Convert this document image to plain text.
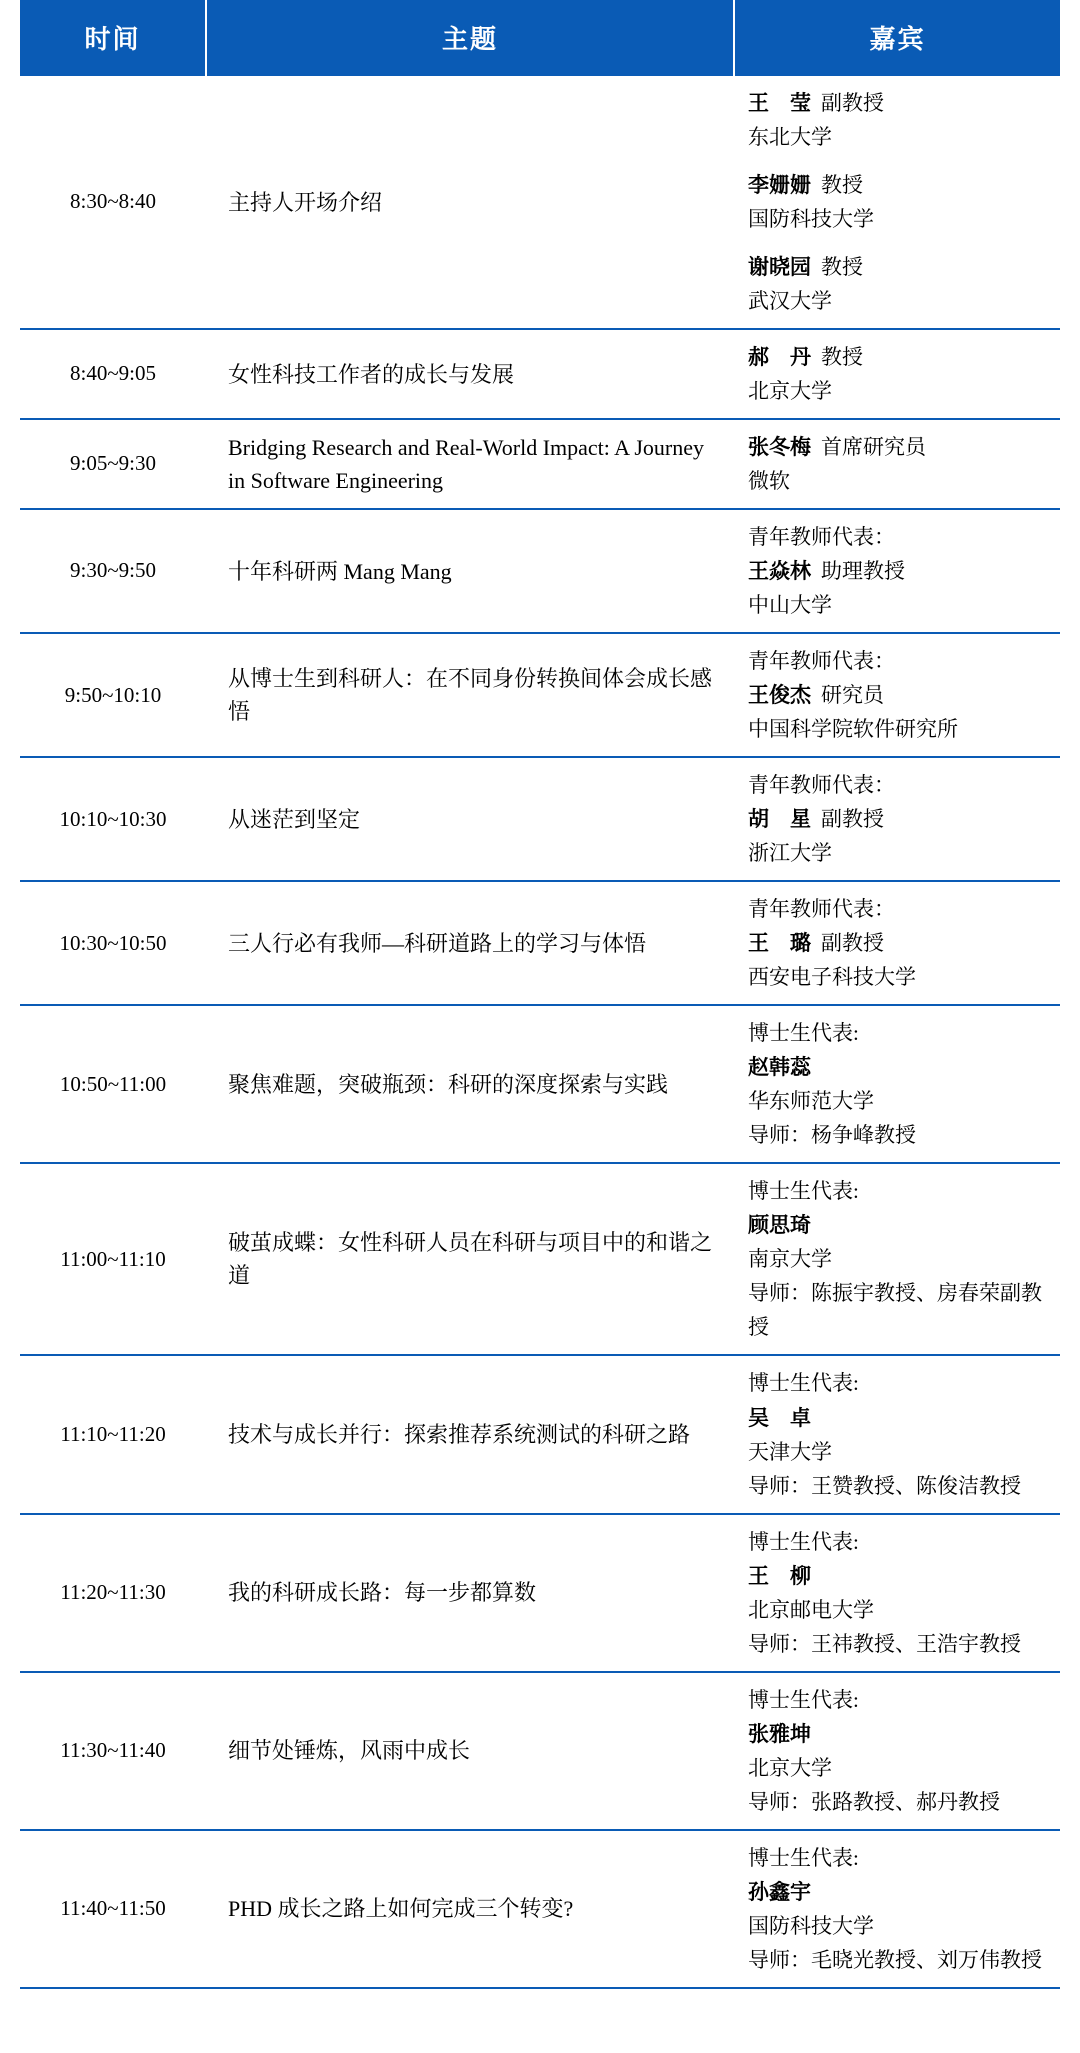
时间	主题	嘉宾
8:30~8:40	主持人开场介绍	
王　莹 副教授
东北大学
李姗姗 教授
国防科技大学
谢晓园 教授
武汉大学

8:40~9:05	女性科技工作者的成长与发展	郝　丹 教授
北京大学

9:05~9:30	Bridging Research and Real-World Impact: A Journey in Software Engineering	张冬梅 首席研究员
微软

9:30~9:50	十年科研两 Mang Mang	青年教师代表：
王焱林 助理教授
中山大学

9:50~10:10	从博士生到科研人：在不同身份转换间体会成长感悟	青年教师代表：
王俊杰 研究员
中国科学院软件研究所

10:10~10:30	从迷茫到坚定	青年教师代表：
胡　星 副教授
浙江大学

10:30~10:50	三人行必有我师—科研道路上的学习与体悟	青年教师代表：
王　璐 副教授
西安电子科技大学

10:50~11:00	聚焦难题，突破瓶颈：科研的深度探索与实践	博士生代表:
赵韩蕊
华东师范大学
导师：杨争峰教授

11:00~11:10	破茧成蝶：女性科研人员在科研与项目中的和谐之道	博士生代表:
顾思琦
南京大学
导师：陈振宇教授、房春荣副教授

11:10~11:20	技术与成长并行：探索推荐系统测试的科研之路	博士生代表:
吴　卓
天津大学
导师：王赞教授、陈俊洁教授

11:20~11:30	我的科研成长路：每一步都算数	博士生代表:
王　柳
北京邮电大学
导师：王祎教授、王浩宇教授

11:30~11:40	细节处锤炼，风雨中成长	博士生代表:
张雅坤
北京大学
导师：张路教授、郝丹教授

11:40~11:50	PHD 成长之路上如何完成三个转变?	博士生代表:
孙鑫宇
国防科技大学
导师：毛晓光教授、刘万伟教授
